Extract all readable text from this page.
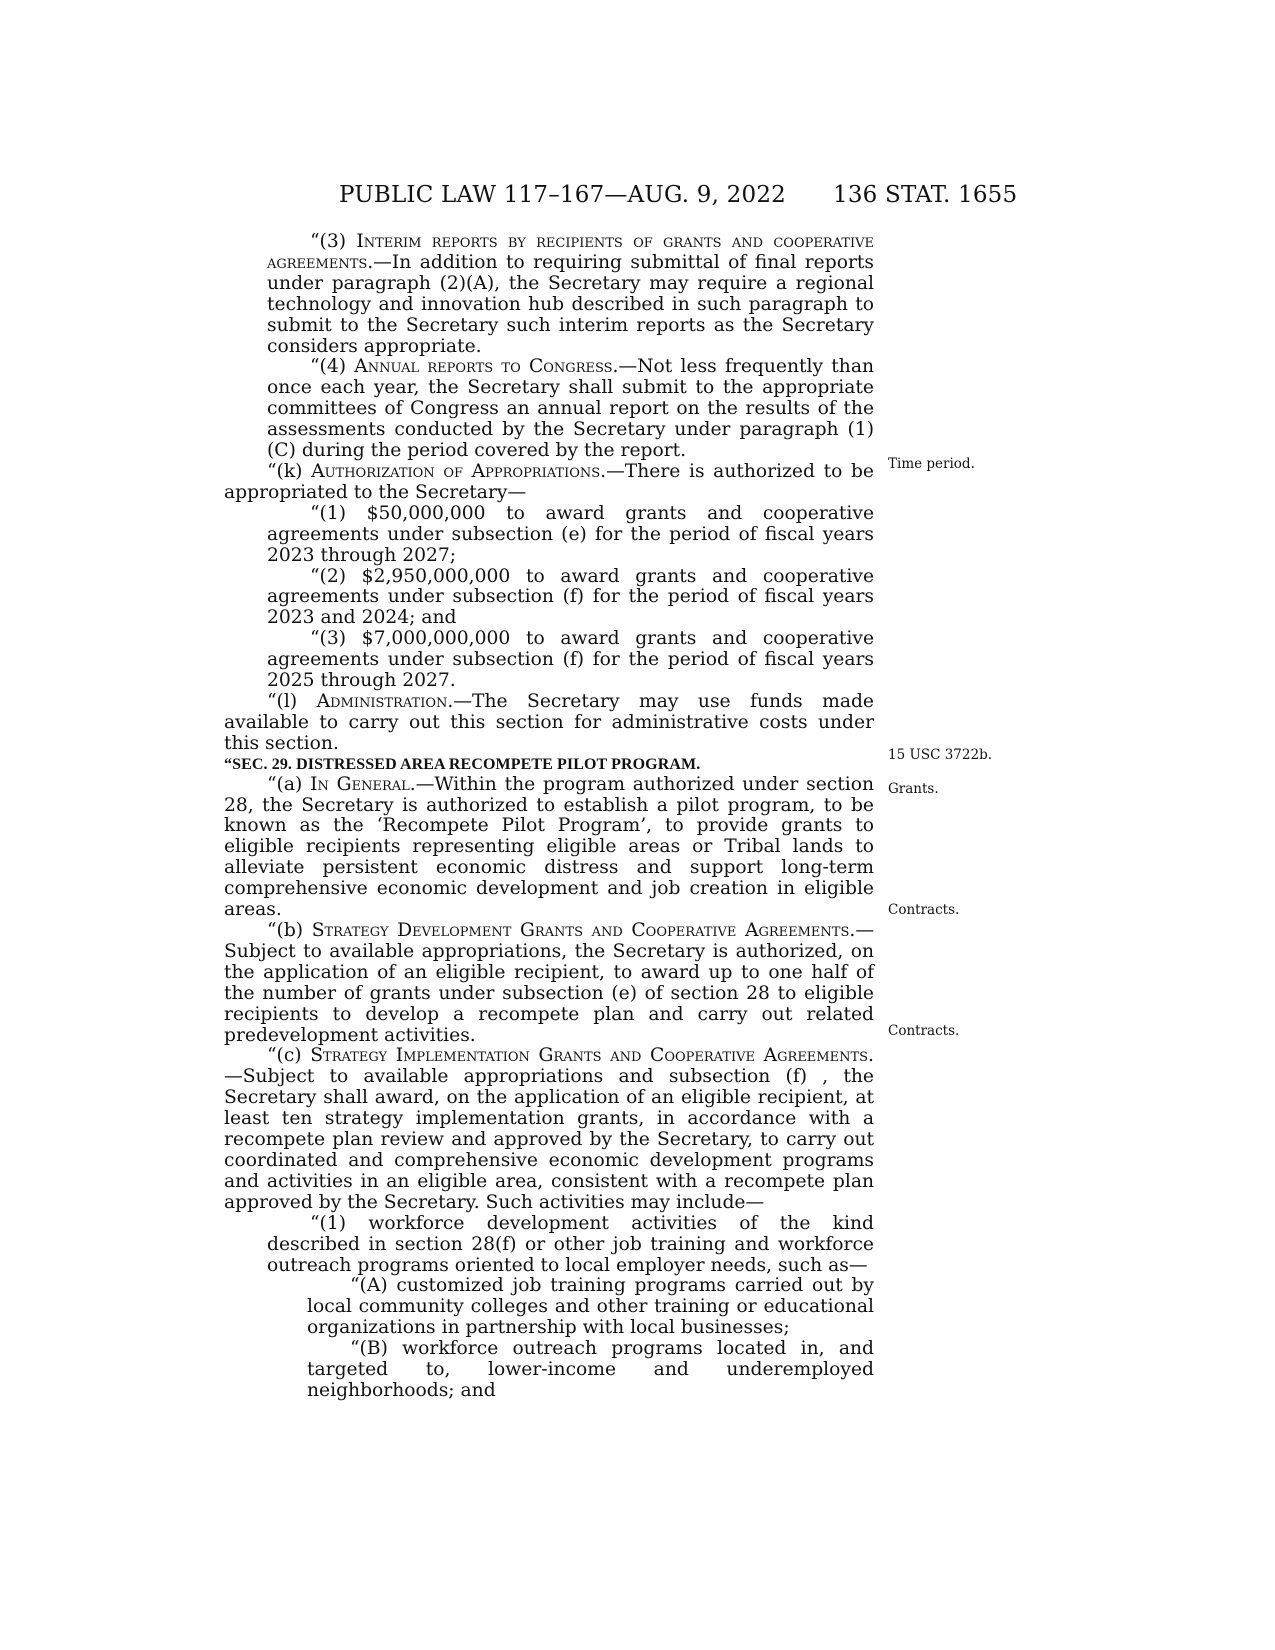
PUBLIC LAW 117–167—AUG. 9, 2022 136 STAT. 1655

“(3) Interim reports by recipients of grants and cooperative agreements.—In addition to requiring submittal of final reports under paragraph (2)(A), the Secretary may require a regional technology and innovation hub described in such paragraph to submit to the Secretary such interim reports as the Secretary considers appropriate.

“(4) Annual reports to Congress.—Not less frequently than once each year, the Secretary shall submit to the appropriate committees of Congress an annual report on the results of the assessments conducted by the Secretary under paragraph (1)(C) during the period covered by the report.

“(k) Authorization of Appropriations.—There is authorized to be appropriated to the Secretary—

“(1) $50,000,000 to award grants and cooperative agreements under subsection (e) for the period of fiscal years 2023 through 2027;

“(2) $2,950,000,000 to award grants and cooperative agreements under subsection (f) for the period of fiscal years 2023 and 2024; and

“(3) $7,000,000,000 to award grants and cooperative agreements under subsection (f) for the period of fiscal years 2025 through 2027.

“(l) Administration.—The Secretary may use funds made available to carry out this section for administrative costs under this section.

“SEC. 29. DISTRESSED AREA RECOMPETE PILOT PROGRAM.

“(a) In General.—Within the program authorized under section 28, the Secretary is authorized to establish a pilot program, to be known as the ‘Recompete Pilot Program’, to provide grants to eligible recipients representing eligible areas or Tribal lands to alleviate persistent economic distress and support long-term comprehensive economic development and job creation in eligible areas.

“(b) Strategy Development Grants and Cooperative Agreements.—Subject to available appropriations, the Secretary is authorized, on the application of an eligible recipient, to award up to one half of the number of grants under subsection (e) of section 28 to eligible recipients to develop a recompete plan and carry out related predevelopment activities.

“(c) Strategy Implementation Grants and Cooperative Agreements.—Subject to available appropriations and subsection (f) , the Secretary shall award, on the application of an eligible recipient, at least ten strategy implementation grants, in accordance with a recompete plan review and approved by the Secretary, to carry out coordinated and comprehensive economic development programs and activities in an eligible area, consistent with a recompete plan approved by the Secretary. Such activities may include—

“(1) workforce development activities of the kind described in section 28(f) or other job training and workforce outreach programs oriented to local employer needs, such as—

“(A) customized job training programs carried out by local community colleges and other training or educational organizations in partnership with local businesses;

“(B) workforce outreach programs located in, and targeted to, lower-income and underemployed neighborhoods; and

Time period.
15 USC 3722b.
Grants.
Contracts.
Contracts.
